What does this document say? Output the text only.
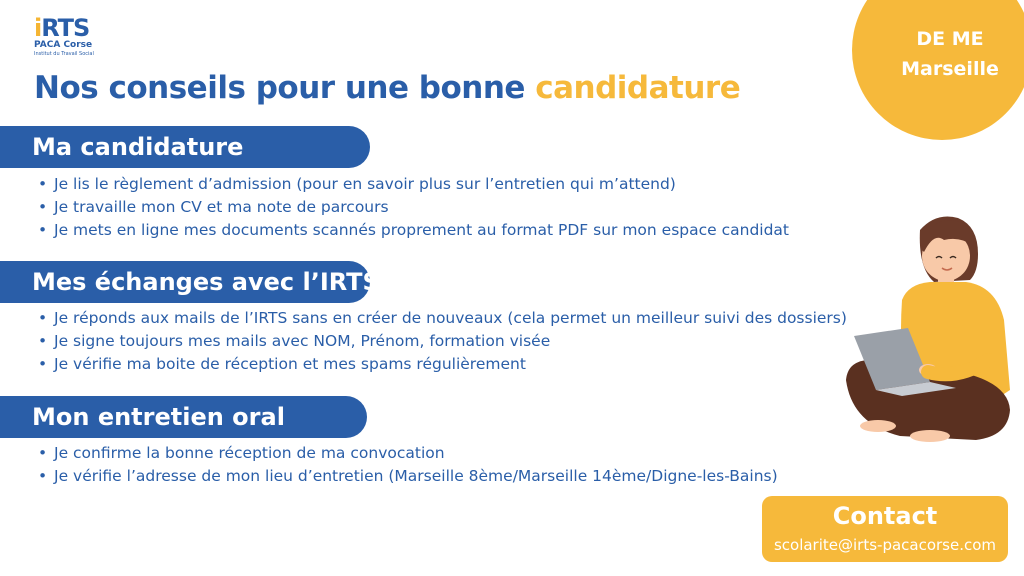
iRTS
PACA Corse
Institut du Travail Social
DE ME
Marseille
Nos conseils pour une bonne candidature
Ma candidature
• Je lis le règlement d’admission (pour en savoir plus sur l’entretien qui m’attend)
• Je travaille mon CV et ma note de parcours
• Je mets en ligne mes documents scannés proprement au format PDF sur mon espace candidat
Mes échanges avec l’IRTS
• Je réponds aux mails de l’IRTS sans en créer de nouveaux (cela permet un meilleur suivi des dossiers)
• Je signe toujours mes mails avec NOM, Prénom, formation visée
• Je vérifie ma boite de réception et mes spams régulièrement
Mon entretien oral
• Je confirme la bonne réception de ma convocation
• Je vérifie l’adresse de mon lieu d’entretien (Marseille 8ème/Marseille 14ème/Digne-les-Bains)
Contact
scolarite@irts-pacacorse.com
